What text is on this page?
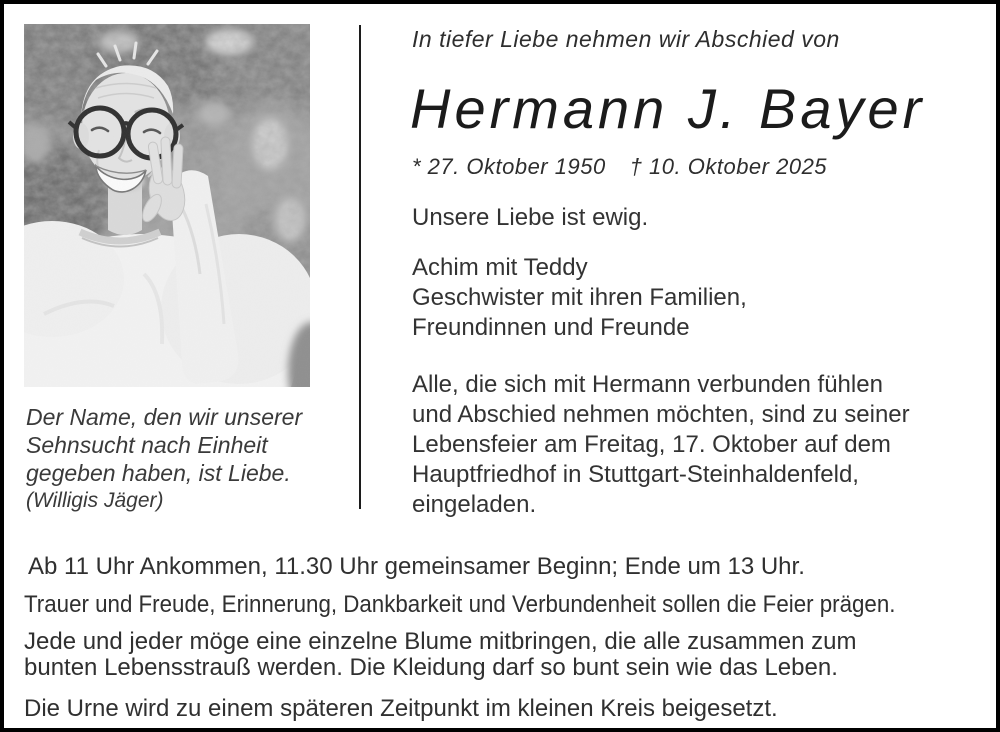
In tiefer Liebe nehmen wir Abschied von
Hermann J. Bayer
* 27. Oktober 1950 † 10. Oktober 2025
Unsere Liebe ist ewig.
Achim mit Teddy
Geschwister mit ihren Familien,
Freundinnen und Freunde
Alle, die sich mit Hermann verbunden fühlen
und Abschied nehmen möchten, sind zu seiner
Lebensfeier am Freitag, 17. Oktober auf dem
Hauptfriedhof in Stuttgart-Steinhaldenfeld,
eingeladen.
Der Name, den wir unserer
Sehnsucht nach Einheit
gegeben haben, ist Liebe.
(Willigis Jäger)
Ab 11 Uhr Ankommen, 11.30 Uhr gemeinsamer Beginn; Ende um 13 Uhr.
Trauer und Freude, Erinnerung, Dankbarkeit und Verbundenheit sollen die Feier prägen.
Jede und jeder möge eine einzelne Blume mitbringen, die alle zusammen zum
bunten Lebensstrauß werden. Die Kleidung darf so bunt sein wie das Leben.
Die Urne wird zu einem späteren Zeitpunkt im kleinen Kreis beigesetzt.
